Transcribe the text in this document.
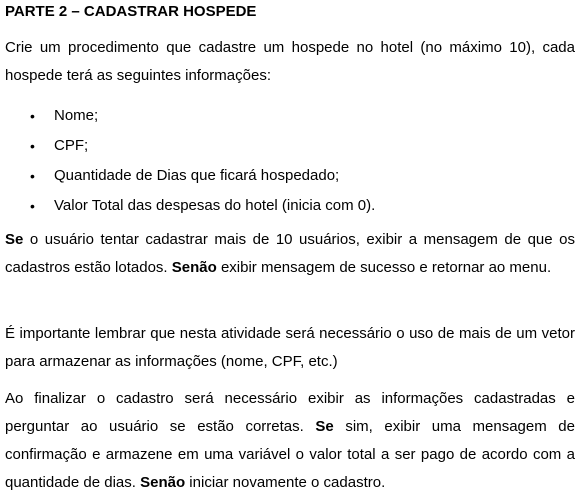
PARTE 2 – CADASTRAR HOSPEDE

Crie um procedimento que cadastre um hospede no hotel (no máximo 10), cada hospede terá as seguintes informações:

• Nome;
• CPF;
• Quantidade de Dias que ficará hospedado;
• Valor Total das despesas do hotel (inicia com 0).

Se o usuário tentar cadastrar mais de 10 usuários, exibir a mensagem de que os cadastros estão lotados. Senão exibir mensagem de sucesso e retornar ao menu.

É importante lembrar que nesta atividade será necessário o uso de mais de um vetor para armazenar as informações (nome, CPF, etc.)

Ao finalizar o cadastro será necessário exibir as informações cadastradas e perguntar ao usuário se estão corretas. Se sim, exibir uma mensagem de confirmação e armazene em uma variável o valor total a ser pago de acordo com a quantidade de dias. Senão iniciar novamente o cadastro.
